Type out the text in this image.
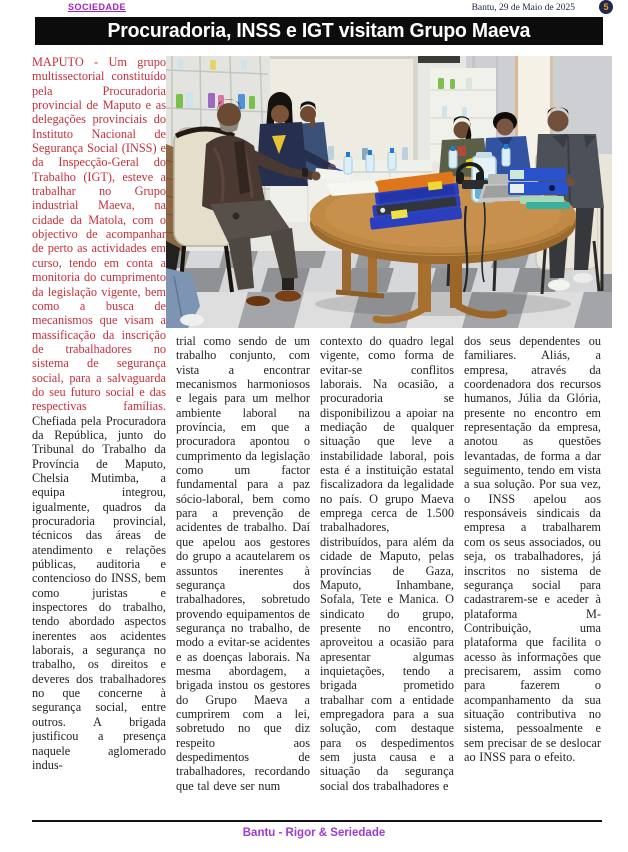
SOCIEDADE	Bantu, 29 de Maio de 2025	5
Procuradoria, INSS e IGT visitam Grupo Maeva
MAPUTO - Um grupo multissectorial constituído pela Procuradoria provincial de Maputo e as delegações provinciais do Instituto Nacional de Segurança Social (INSS) e da Inspecção-Geral do Trabalho (IGT), esteve a trabalhar no Grupo industrial Maeva, na cidade da Matola, com o objectivo de acompanhar de perto as actividades em curso, tendo em conta a monitoria do cumprimento da legislação vigente, bem como a busca de mecanismos que visam a massificação da inscrição de trabalhadores no sistema de segurança social, para a salvaguarda do seu futuro social e das respectivas famílias. Chefiada pela Procuradora da República, junto do Tribunal do Trabalho da Província de Maputo, Chelsia Mutimba, a equipa integrou, igualmente, quadros da procuradoria provincial, técnicos das áreas de atendimento e relações públicas, auditoria e contencioso do INSS, bem como juristas e inspectores do trabalho, tendo abordado aspectos inerentes aos acidentes laborais, a segurança no trabalho, os direitos e deveres dos trabalhadores no que concerne à segurança social, entre outros. A brigada justificou a presença naquele aglomerado indus-
trial como sendo de um trabalho conjunto, com vista a encontrar mecanismos harmoniosos e legais para um melhor ambiente laboral na província, em que a procuradora apontou o cumprimento da legislação como um factor fundamental para a paz sócio-laboral, bem como para a prevenção de acidentes de trabalho. Daí que apelou aos gestores do grupo a acautelarem os assuntos inerentes à segurança dos trabalhadores, sobretudo provendo equipamentos de segurança no trabalho, de modo a evitar-se acidentes e as doenças laborais. Na mesma abordagem, a brigada instou os gestores do Grupo Maeva a cumprirem com a lei, sobretudo no que diz respeito aos despedimentos de trabalhadores, recordando que tal deve ser num
contexto do quadro legal vigente, como forma de evitar-se conflitos laborais. Na ocasião, a procuradoria se disponibilizou a apoiar na mediação de qualquer situação que leve a instabilidade laboral, pois esta é a instituição estatal fiscalizadora da legalidade no país. O grupo Maeva emprega cerca de 1.500 trabalhadores, distribuídos, para além da cidade de Maputo, pelas províncias de Gaza, Maputo, Inhambane, Sofala, Tete e Manica. O sindicato do grupo, presente no encontro, aproveitou a ocasião para apresentar algumas inquietações, tendo a brigada prometido trabalhar com a entidade empregadora para a sua solução, com destaque para os despedimentos sem justa causa e a situação da segurança social dos trabalhadores e
dos seus dependentes ou familiares. Aliás, a empresa, através da coordenadora dos recursos humanos, Júlia da Glória, presente no encontro em representação da empresa, anotou as questões levantadas, de forma a dar seguimento, tendo em vista a sua solução. Por sua vez, o INSS apelou aos responsáveis sindicais da empresa a trabalharem com os seus associados, ou seja, os trabalhadores, já inscritos no sistema de segurança social para cadastrarem-se e aceder à plataforma M-Contribuição, uma plataforma que facilita o acesso às informações que precisarem, assim como para fazerem o acompanhamento da sua situação contributiva no sistema, pessoalmente e sem precisar de se deslocar ao INSS para o efeito.
Bantu - Rigor & Seriedade
